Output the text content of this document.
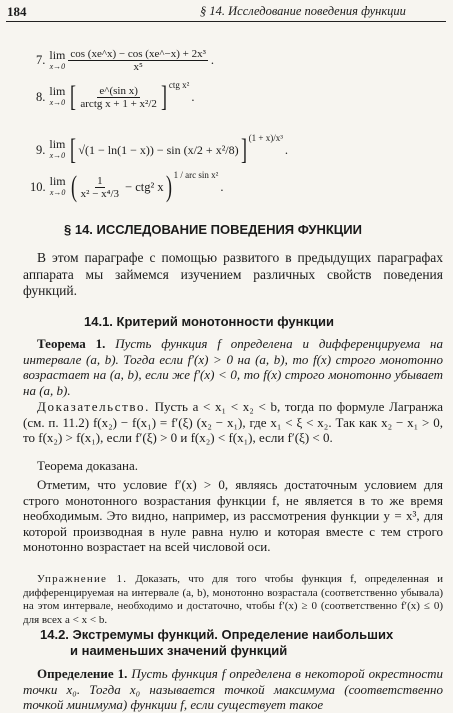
184	§ 14. Исследование поведения функции
7. lim
$x\to 0 \frac{\text{cos (xe\textasciicircum{}x) − cos (xe\textasciicircum{}−x) + 2x³}}{\text{x⁵}}$ .
8. lim
x→0 [ $\frac{\text{e\textasciicircum{}(sin x)}}{\text{arctg x + 1 + x²/2}}$ ] ctg x²
.
9. lim
x→0 [ √(1 − ln(1 − x)) − sin (x/2 + x²/8) ] (1 + x)/x³
.
10. lim
x→0 ( $\frac{1}{\text{x² − x⁴/3}} - ctg^2$ x ) 1 / arc sin x²
.
§ 14. ИССЛЕДОВАНИЕ ПОВЕДЕНИЯ ФУНКЦИИ
В этом параграфе с помощью развитого в предыдущих параграфах аппарата мы займемся изучением различных свойств поведения функций.
14.1. Критерий монотонности функции
Теорема 1. Пусть функция f определена и дифференцируема на интервале (a, b). Тогда если f′(x) > 0 на (a, b), то f(x) строго монотонно возрастает на (a, b), если же f′(x) < 0, то f(x) строго монотонно убывает на (a, b).
Доказательство. Пусть a < x₁ < x₂ < b, тогда по формуле Лагранжа (см. п. 11.2) f(x₂) − f(x₁) = f′(ξ) (x₂ − x₁), где x₁ < ξ < x₂. Так как x₂ − x₁ > 0, то f(x₂) > f(x₁), если f′(ξ) > 0 и f(x₂) < f(x₁), если f′(ξ) < 0.
Теорема доказана.
Отметим, что условие f′(x) > 0, являясь достаточным условием для строго монотонного возрастания функции f, не является в то же время необходимым. Это видно, например, из рассмотрения функции y = x³, для которой производная в нуле равна нулю и которая вместе с тем строго монотонно возрастает на всей числовой оси.
Упражнение 1. Доказать, что для того чтобы функция f, определенная и дифференцируемая на интервале (a, b), монотонно возрастала (соответственно убывала) на этом интервале, необходимо и достаточно, чтобы f′(x) ≥ 0 (соответственно f′(x) ≤ 0) для всех a < x < b.
14.2. Экстремумы функций. Определение наибольших
и наименьших значений функций
Определение 1. Пусть функция f определена в некоторой окрестности точки x₀. Тогда x₀ называется точкой максимума (соответственно точкой минимума) функции f, если существует такое
